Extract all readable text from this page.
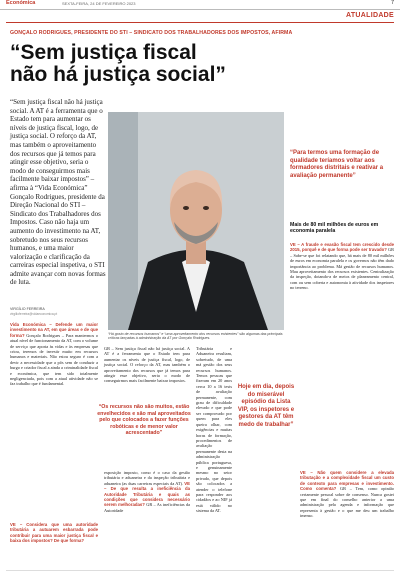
Económica	SEXTA-FEIRA, 24 DE FEVEREIRO 2023	7
ATUALIDADE
GONÇALO RODRIGUES, PRESIDENTE DO STI – SINDICATO DOS TRABALHADORES DOS IMPOSTOS, AFIRMA
“Sem justiça fiscal
não há justiça social”
“Sem justiça fiscal não há justiça social. A AT é a ferramenta que o Estado tem para aumentar os níveis de justiça fiscal, logo, de justiça social. O reforço da AT, mas também o aproveitamento dos recursos que já temos para atingir esse objetivo, seria o modo de conseguirmos mais facilmente baixar impostos” – afirma à “Vida Económica” Gonçalo Rodrigues, presidente da Direção Nacional do STI – Sindicato dos Trabalhadores dos Impostos. Caso não haja um aumento do investimento na AT, sobretudo nos seus recursos humanos, e uma maior valorização e clarificação da carreiras especial inspetiva, o STI admite avançar com novas formas de luta.
VIRGÍLIO FERREIRA
virgilioferreira@vidaeconomica.pt
“Para termos uma formação de qualidade teríamos voltar aos formadores distritais e reativar a avaliação permanente”
Mais de 80 mil milhões de euros em economia paralela
Vida Económica – Defende um maior investimento na AT, em que áreas e de que forma? Gonçalo Rodrigues – Para mantermos o atual nível de funcionamento da AT, com o volume de serviço que aporta às vidas e às empresas que criou, teremos de investir muito em recursos humanos e materiais. Não estou seguro é com a devir a necessidade que a pôs sem de conduzir a burgo e criador fiscal a ainda a criminalidade fiscal e económica, que tem sido totalmente negligenciada, pois com a atual atividade não se faz trabalho que é fundamental.
VE – Considera que uma autoridade tributária a autuarem esbarrada pode contribuir para uma maior justiça fiscal e baixa dos impostos? De que forma?
“Há gosto de recursos humanos” e “uma aproveitamento dos recursos existentes” são algumas das principais críticas lançadas à administração da AT por Gonçalo Rodrigues.
GR – Sem justiça fiscal não há justiça social. A AT é a ferramenta que o Estado tem para aumentar os níveis de justiça fiscal, logo, de justiça social. O reforço da AT, mas também o aproveitamento dos recursos que já temos para atingir esse objetivo, seria o modo de conseguirmos mais facilmente baixar impostos.
“Os recursos não são muitos, estão envelhecidos e são mal aproveitados pelo que colocados a fazer funções robóticas e de menor valor acrescentado”
exposição imposto, como é o caso da gestão tributária e aduaneira e da inspeção tributária e aduaneira (as duas carreiras especiais da AT). VE – De que resulta a ineficiência da Autoridade Tributária e quais as condições que considera necessário serem melhoradas? GR – As ineficiências da Autoridade
Tributária e Aduaneira resultam, sobretudo, de uma má gestão dos seus recursos humanos. Temos pessoas que fizeram em 20 anos cerca 10 a 16 tests de avaliação permanente, com grau de dificuldade elevado e que pode ser comprovado por quem para eles queira olhar, com exigências e muitas horas de formação, procedimentos de avaliação permanente desta na administração pública portuguesa, e genuinamente mesmo no setor privado, que depois são colocados a atender o telefone para responder aos cidadãos e ao NIF já está válido no sistema da AT.
Hoje em dia, depois do miserável episódio da Lista VIP, os inspetores e gestores da AT têm medo de trabalhar”
VE – A fraude e evasão fiscal tem crescido desde 2015, porquê e de que forma pode ser travado? GR – Sabe-se que foi relatando que, há mais de 80 mil milhões de euros em economia paralela e os governos não têm dado importância ao problema. Má gestão de recursos humanos. Mau aproveitamento dos recursos existentes. Centralização da inspeção, dotando-a de meios de planeamento central, com ou sem coberta e autonomia à atividade dos inspetores no terreno.
VE – Não quem considere a elevada tributação e a complexidade fiscal um custo de contexto para empresas e investimento. Como comenta? GR – Tem, como opinião certamente pessoal sobre de consenso. Nunca gostei que em final do conselho anterior a uma administração pela agenda e informação que representa à gestão e o que me deu um trabalho imenso.
